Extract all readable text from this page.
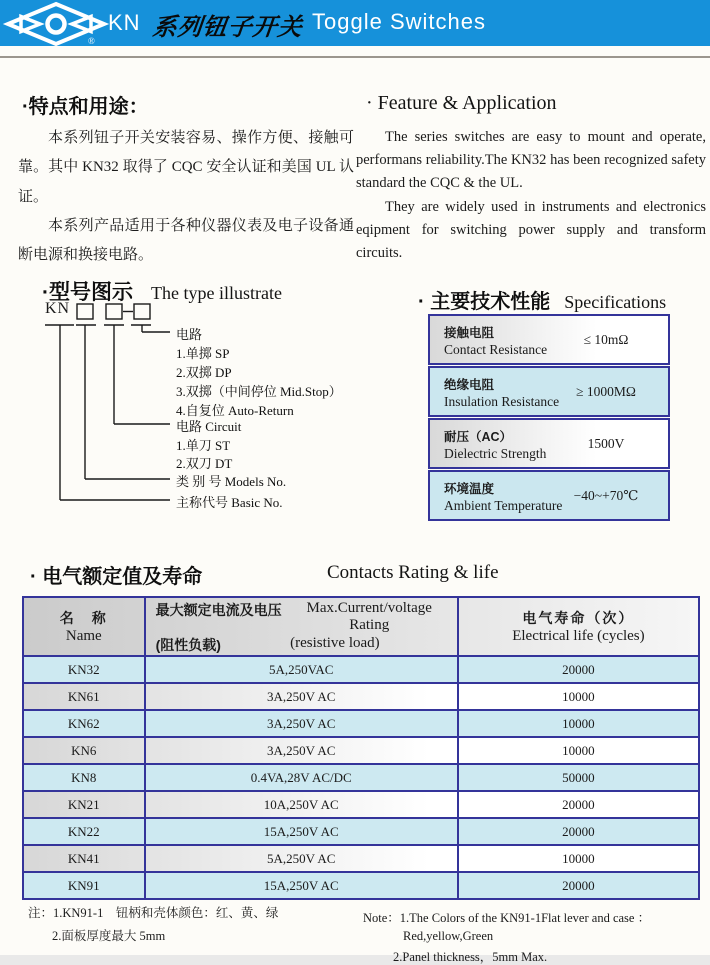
®
KN 系列钮子开关 Toggle Switches
·特点和用途：

本系列钮子开关安装容易、操作方便、接触可靠。其中 KN32 取得了 CQC 安全认证和美国 UL 认证。

本系列产品适用于各种仪器仪表及电子设备通断电源和换接电路。

· Feature & Application

The series switches are easy to mount and operate, performans reliability.The KN32 has been recognized safety standard the CQC & the UL.

They are widely used in instruments and electronics eqipment for switching power supply and transform circuits.

·型号图示 The type illustrate
KN
电路
1.单掷 SP
2.双掷 DP
3.双掷（中间停位 Mid.Stop）
4.自复位 Auto-Return
电路 Circuit
1.单刀 ST
2.双刀 DT
类 别 号 Models No.
主称代号 Basic No.
· 主要技术性能 Specifications
接触电阻
Contact Resistance
≤ 10mΩ
绝缘电阻
Insulation Resistance
≥ 1000MΩ
耐压（AC）
Dielectric Strength
1500V
环境温度
Ambient Temperature
−40~+70℃
· 电气额定值及寿命	Contacts Rating & life
名　称
Name

最大额定电流及电压	Max.Current/voltage Rating
(阻性负载)	(resistive load)

电气寿命（次）
Electrical life (cycles)

KN32	5A,250VAC	20000
KN61	3A,250V AC	10000
KN62	3A,250V AC	10000
KN6	3A,250V AC	10000
KN8	0.4VA,28V AC/DC	50000
KN21	10A,250V AC	20000
KN22	15A,250V AC	20000
KN41	5A,250V AC	10000
KN91	15A,250V AC	20000
注：1.KN91-1　钮柄和壳体颜色：红、黄、绿
2.面板厚度最大 5mm
Note：1.The Colors of the KN91-1Flat lever and case ：
Red,yellow,Green
2.Panel thickness，5mm Max.
